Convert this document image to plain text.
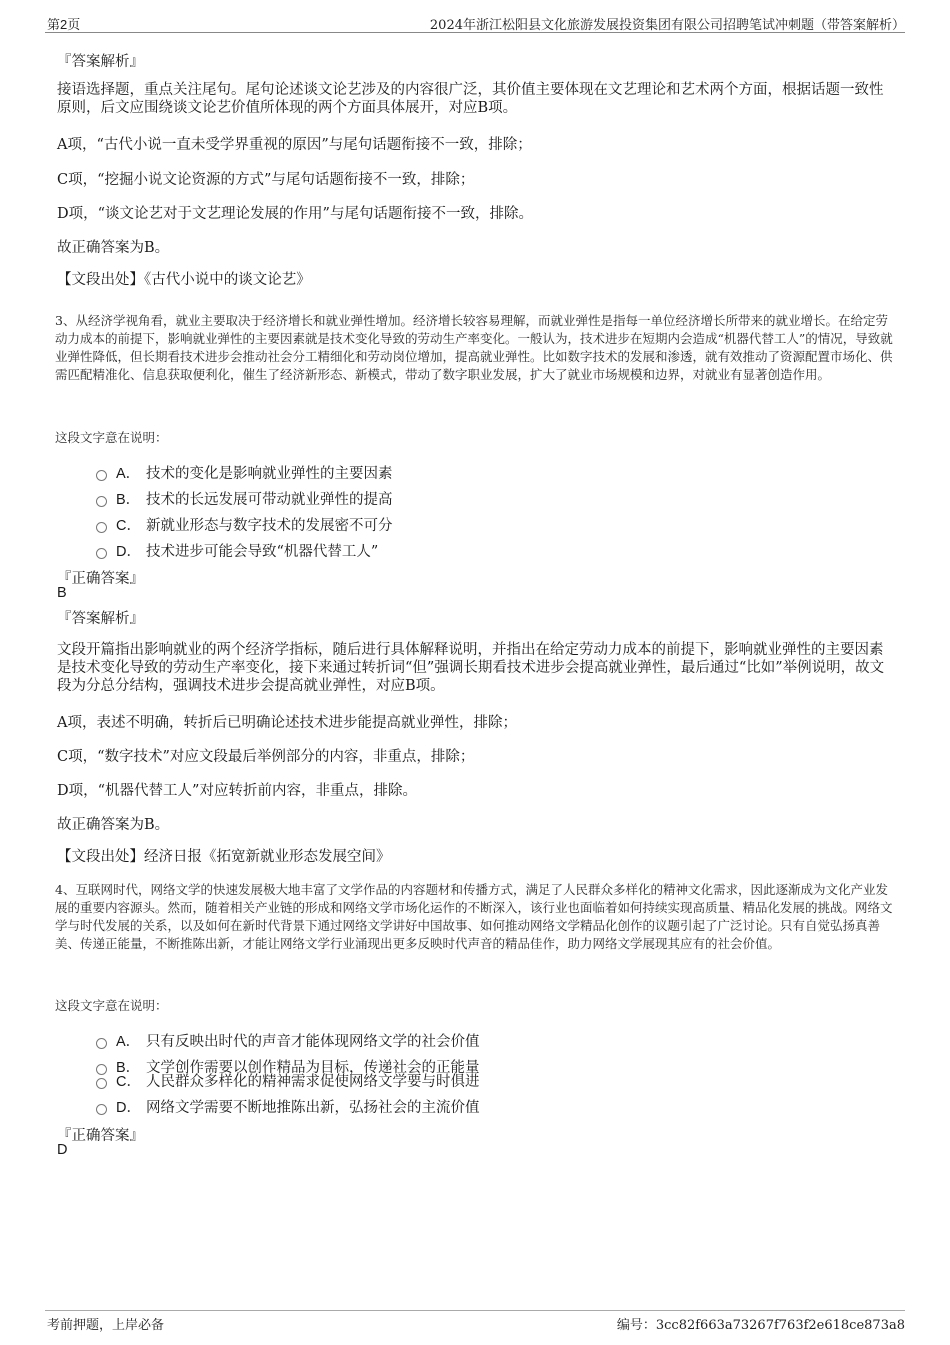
第2页	2024年浙江松阳县文化旅游发展投资集团有限公司招聘笔试冲刺题（带答案解析）
『答案解析』
接语选择题，重点关注尾句。尾句论述谈文论艺涉及的内容很广泛，其价值主要体现在文艺理论和艺术两个方面，根据话题一致性原则，后文应围绕谈文论艺价值所体现的两个方面具体展开，对应B项。
A项，“古代小说一直未受学界重视的原因”与尾句话题衔接不一致，排除；
C项，“挖掘小说文论资源的方式”与尾句话题衔接不一致，排除；
D项，“谈文论艺对于文艺理论发展的作用”与尾句话题衔接不一致，排除。
故正确答案为B。
【文段出处】《古代小说中的谈文论艺》
3、从经济学视角看，就业主要取决于经济增长和就业弹性增加。经济增长较容易理解，而就业弹性是指每一单位经济增长所带来的就业增长。在给定劳动力成本的前提下，影响就业弹性的主要因素就是技术变化导致的劳动生产率变化。一般认为，技术进步在短期内会造成“机器代替工人”的情况，导致就业弹性降低，但长期看技术进步会推动社会分工精细化和劳动岗位增加，提高就业弹性。比如数字技术的发展和渗透，就有效推动了资源配置市场化、供需匹配精准化、信息获取便利化，催生了经济新形态、新模式，带动了数字职业发展，扩大了就业市场规模和边界，对就业有显著创造作用。
这段文字意在说明：
A． 技术的变化是影响就业弹性的主要因素
B． 技术的长远发展可带动就业弹性的提高
C． 新就业形态与数字技术的发展密不可分
D． 技术进步可能会导致“机器代替工人”
『正确答案』
B
『答案解析』
文段开篇指出影响就业的两个经济学指标，随后进行具体解释说明，并指出在给定劳动力成本的前提下，影响就业弹性的主要因素是技术变化导致的劳动生产率变化，接下来通过转折词“但”强调长期看技术进步会提高就业弹性，最后通过“比如”举例说明，故文段为分总分结构，强调技术进步会提高就业弹性，对应B项。
A项，表述不明确，转折后已明确论述技术进步能提高就业弹性，排除；
C项，“数字技术”对应文段最后举例部分的内容，非重点，排除；
D项，“机器代替工人”对应转折前内容，非重点，排除。
故正确答案为B。
【文段出处】经济日报《拓宽新就业形态发展空间》
4、互联网时代，网络文学的快速发展极大地丰富了文学作品的内容题材和传播方式，满足了人民群众多样化的精神文化需求，因此逐渐成为文化产业发展的重要内容源头。然而，随着相关产业链的形成和网络文学市场化运作的不断深入，该行业也面临着如何持续实现高质量、精品化发展的挑战。网络文学与时代发展的关系，以及如何在新时代背景下通过网络文学讲好中国故事、如何推动网络文学精品化创作的议题引起了广泛讨论。只有自觉弘扬真善美、传递正能量，不断推陈出新，才能让网络文学行业涌现出更多反映时代声音的精品佳作，助力网络文学展现其应有的社会价值。
这段文字意在说明：
A． 只有反映出时代的声音才能体现网络文学的社会价值
B． 文学创作需要以创作精品为目标，传递社会的正能量
C． 人民群众多样化的精神需求促使网络文学要与时俱进
D． 网络文学需要不断地推陈出新，弘扬社会的主流价值
『正确答案』
D
考前押题，上岸必备	编号：3cc82f663a73267f763f2e618ce873a8
